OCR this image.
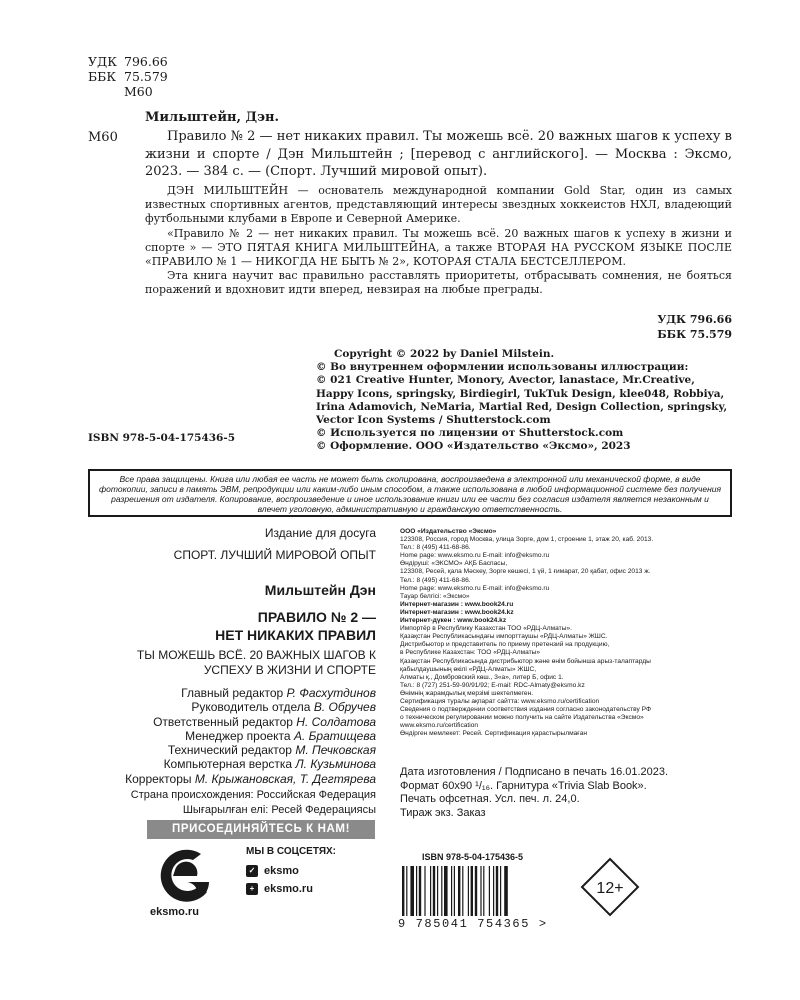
УДК 796.66
ББК 75.579
М60
Мильштейн, Дэн.
М60	Правило № 2 — нет никаких правил. Ты можешь всё. 20 важных шагов к успеху в жизни и спорте / Дэн Мильштейн ; [перевод с английского]. — Москва : Эксмо, 2023. — 384 с. — (Спорт. Лучший мировой опыт).

ДЭН МИЛЬШТЕЙН — основатель международной компании Gold Star, один из самых известных спортивных агентов, представляющий интересы звездных хоккеистов НХЛ, владеющий футбольными клубами в Европе и Северной Америке.

«Правило № 2 — нет никаких правил. Ты можешь всё. 20 важных шагов к успеху в жизни и спорте » — ЭТО ПЯТАЯ КНИГА МИЛЬШТЕЙНА, а также ВТОРАЯ НА РУССКОМ ЯЗЫКЕ ПОСЛЕ «ПРАВИЛО № 1 — НИКОГДА НЕ БЫТЬ № 2», КОТОРАЯ СТАЛА БЕСТСЕЛЛЕРОМ.

Эта книга научит вас правильно расставлять приоритеты, отбрасывать сомнения, не бояться поражений и вдохновит идти вперед, невзирая на любые преграды.

УДК 796.66
ББК 75.579
Copyright © 2022 by Daniel Milstein.
© Во внутреннем оформлении использованы иллюстрации:
© 021 Creative Hunter, Monory, Avector, lanastace, Mr.Creative, Happy Icons, springsky, Birdiegirl, TukTuk Design, klee048, Robbiya, Irina Adamovich, NeMaria, Martial Red, Design Collection, springsky, Vector Icon Systems / Shutterstock.com
© Используется по лицензии от Shutterstock.com
© Оформление. ООО «Издательство «Эксмо», 2023
ISBN 978-5-04-175436-5
Все права защищены. Книга или любая ее часть не может быть скопирована, воспроизведена в электронной или механической форме, в виде фотокопии, записи в память ЭВМ, репродукции или каким-либо иным способом, а также использована в любой информационной системе без получения разрешения от издателя. Копирование, воспроизведение и иное использование книги или ее части без согласия издателя является незаконным и влечет уголовную, административную и гражданскую ответственность.
Издание для досуга
СПОРТ. ЛУЧШИЙ МИРОВОЙ ОПЫТ
Мильштейн Дэн
ПРАВИЛО № 2 —
НЕТ НИКАКИХ ПРАВИЛ
ТЫ МОЖЕШЬ ВСЁ. 20 ВАЖНЫХ ШАГОВ К
УСПЕХУ В ЖИЗНИ И СПОРТЕ
Главный редактор Р. Фасхутдинов
Руководитель отдела В. Обручев
Ответственный редактор Н. Солдатова
Менеджер проекта А. Братищева
Технический редактор М. Печковская
Компьютерная верстка Л. Кузьминова
Корректоры М. Крыжановская, Т. Дегтярева
Страна происхождения: Российская Федерация
Шығарылған елі: Ресей Федерациясы
ПРИСОЕДИНЯЙТЕСЬ К НАМ!
eksmo.ru
МЫ В СОЦСЕТЯХ:
✓ eksmo
+ eksmo.ru
ООО «Издательство «Эксмо»
123308, Россия, город Москва, улица Зорге, дом 1, строение 1, этаж 20, каб. 2013.
Тел.: 8 (495) 411-68-86.
Home page: www.eksmo.ru E-mail: info@eksmo.ru
Өндіруші: «ЭКСМО» АҚБ Баспасы,
123308, Ресей, қала Мәскеу, Зорге көшесі, 1 үй, 1 ғимарат, 20 қабат, офис 2013 ж.
Тел.: 8 (495) 411-68-86.
Home page: www.eksmo.ru E-mail: info@eksmo.ru
Тауар белгісі: «Эксмо»
Интернет-магазин : www.book24.ru
Интернет-магазин : www.book24.kz
Интернет-дүкен : www.book24.kz
Импортёр в Республику Казахстан ТОО «РДЦ-Алматы».
Қазақстан Республикасындағы импорттаушы «РДЦ-Алматы» ЖШС.
Дистрибьютор и представитель по приему претензий на продукцию,
в Республике Казахстан: ТОО «РДЦ-Алматы»
Қазақстан Республикасында дистрибьютор және өнім бойынша арыз-талаптарды
қабылдаушының өкілі «РДЦ-Алматы» ЖШС,
Алматы қ., Домбровский көш., 3«а», литер Б, офис 1.
Тел.: 8 (727) 251-59-90/91/92; E-mail: RDC-Almaty@eksmo.kz
Өнімнің жарамдылық мерзімі шектелмеген.
Сертификация туралы ақпарат сайтта: www.eksmo.ru/certification
Сведения о подтверждении соответствия издания согласно законодательству РФ
о техническом регулировании можно получить на сайте Издательства «Эксмо»
www.eksmo.ru/certification
Өндірген мемлекет: Ресей. Сертификация қарастырылмаған
Дата изготовления / Подписано в печать 16.01.2023.
Формат 60x90 ¹/₁₆. Гарнитура «Trivia Slab Book».
Печать офсетная. Усл. печ. л. 24,0.
Тираж экз. Заказ
ISBN 978-5-04-175436-5
9 785041 754365 >
12+
